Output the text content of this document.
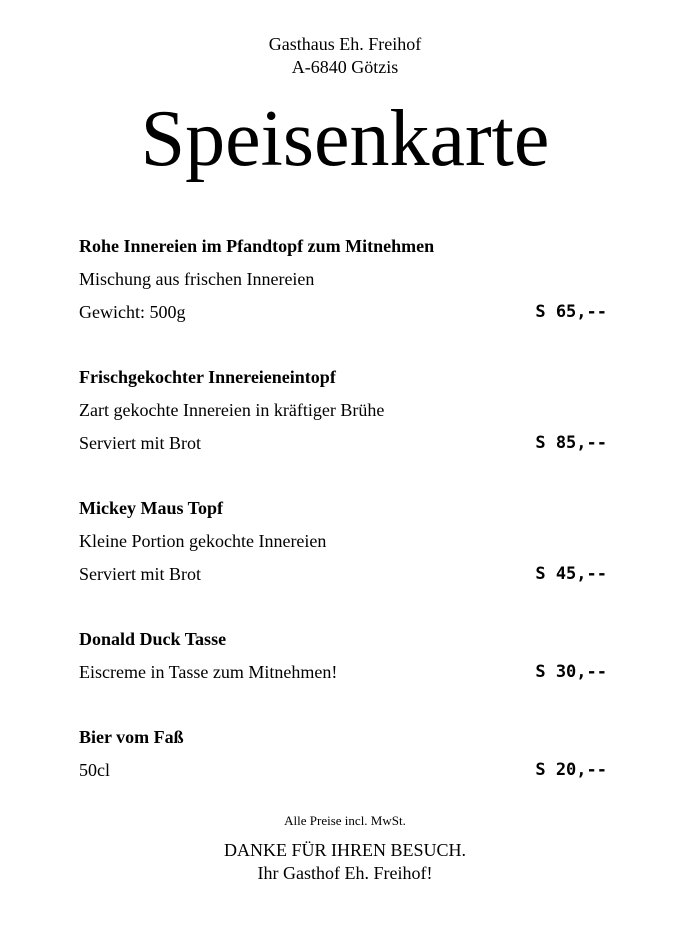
Gasthaus Eh. Freihof
A-6840 Götzis
Speisenkarte
Rohe Innereien im Pfandtopf zum Mitnehmen
Mischung aus frischen Innereien
Gewicht: 500g	S 65,--
Frischgekochter Innereieneintopf
Zart gekochte Innereien in kräftiger Brühe
Serviert mit Brot	S 85,--
Mickey Maus Topf
Kleine Portion gekochte Innereien
Serviert mit Brot	S 45,--
Donald Duck Tasse
Eiscreme in Tasse zum Mitnehmen!	S 30,--
Bier vom Faß
50cl	S 20,--
Alle Preise incl. MwSt.
DANKE FÜR IHREN BESUCH.
Ihr Gasthof Eh. Freihof!
